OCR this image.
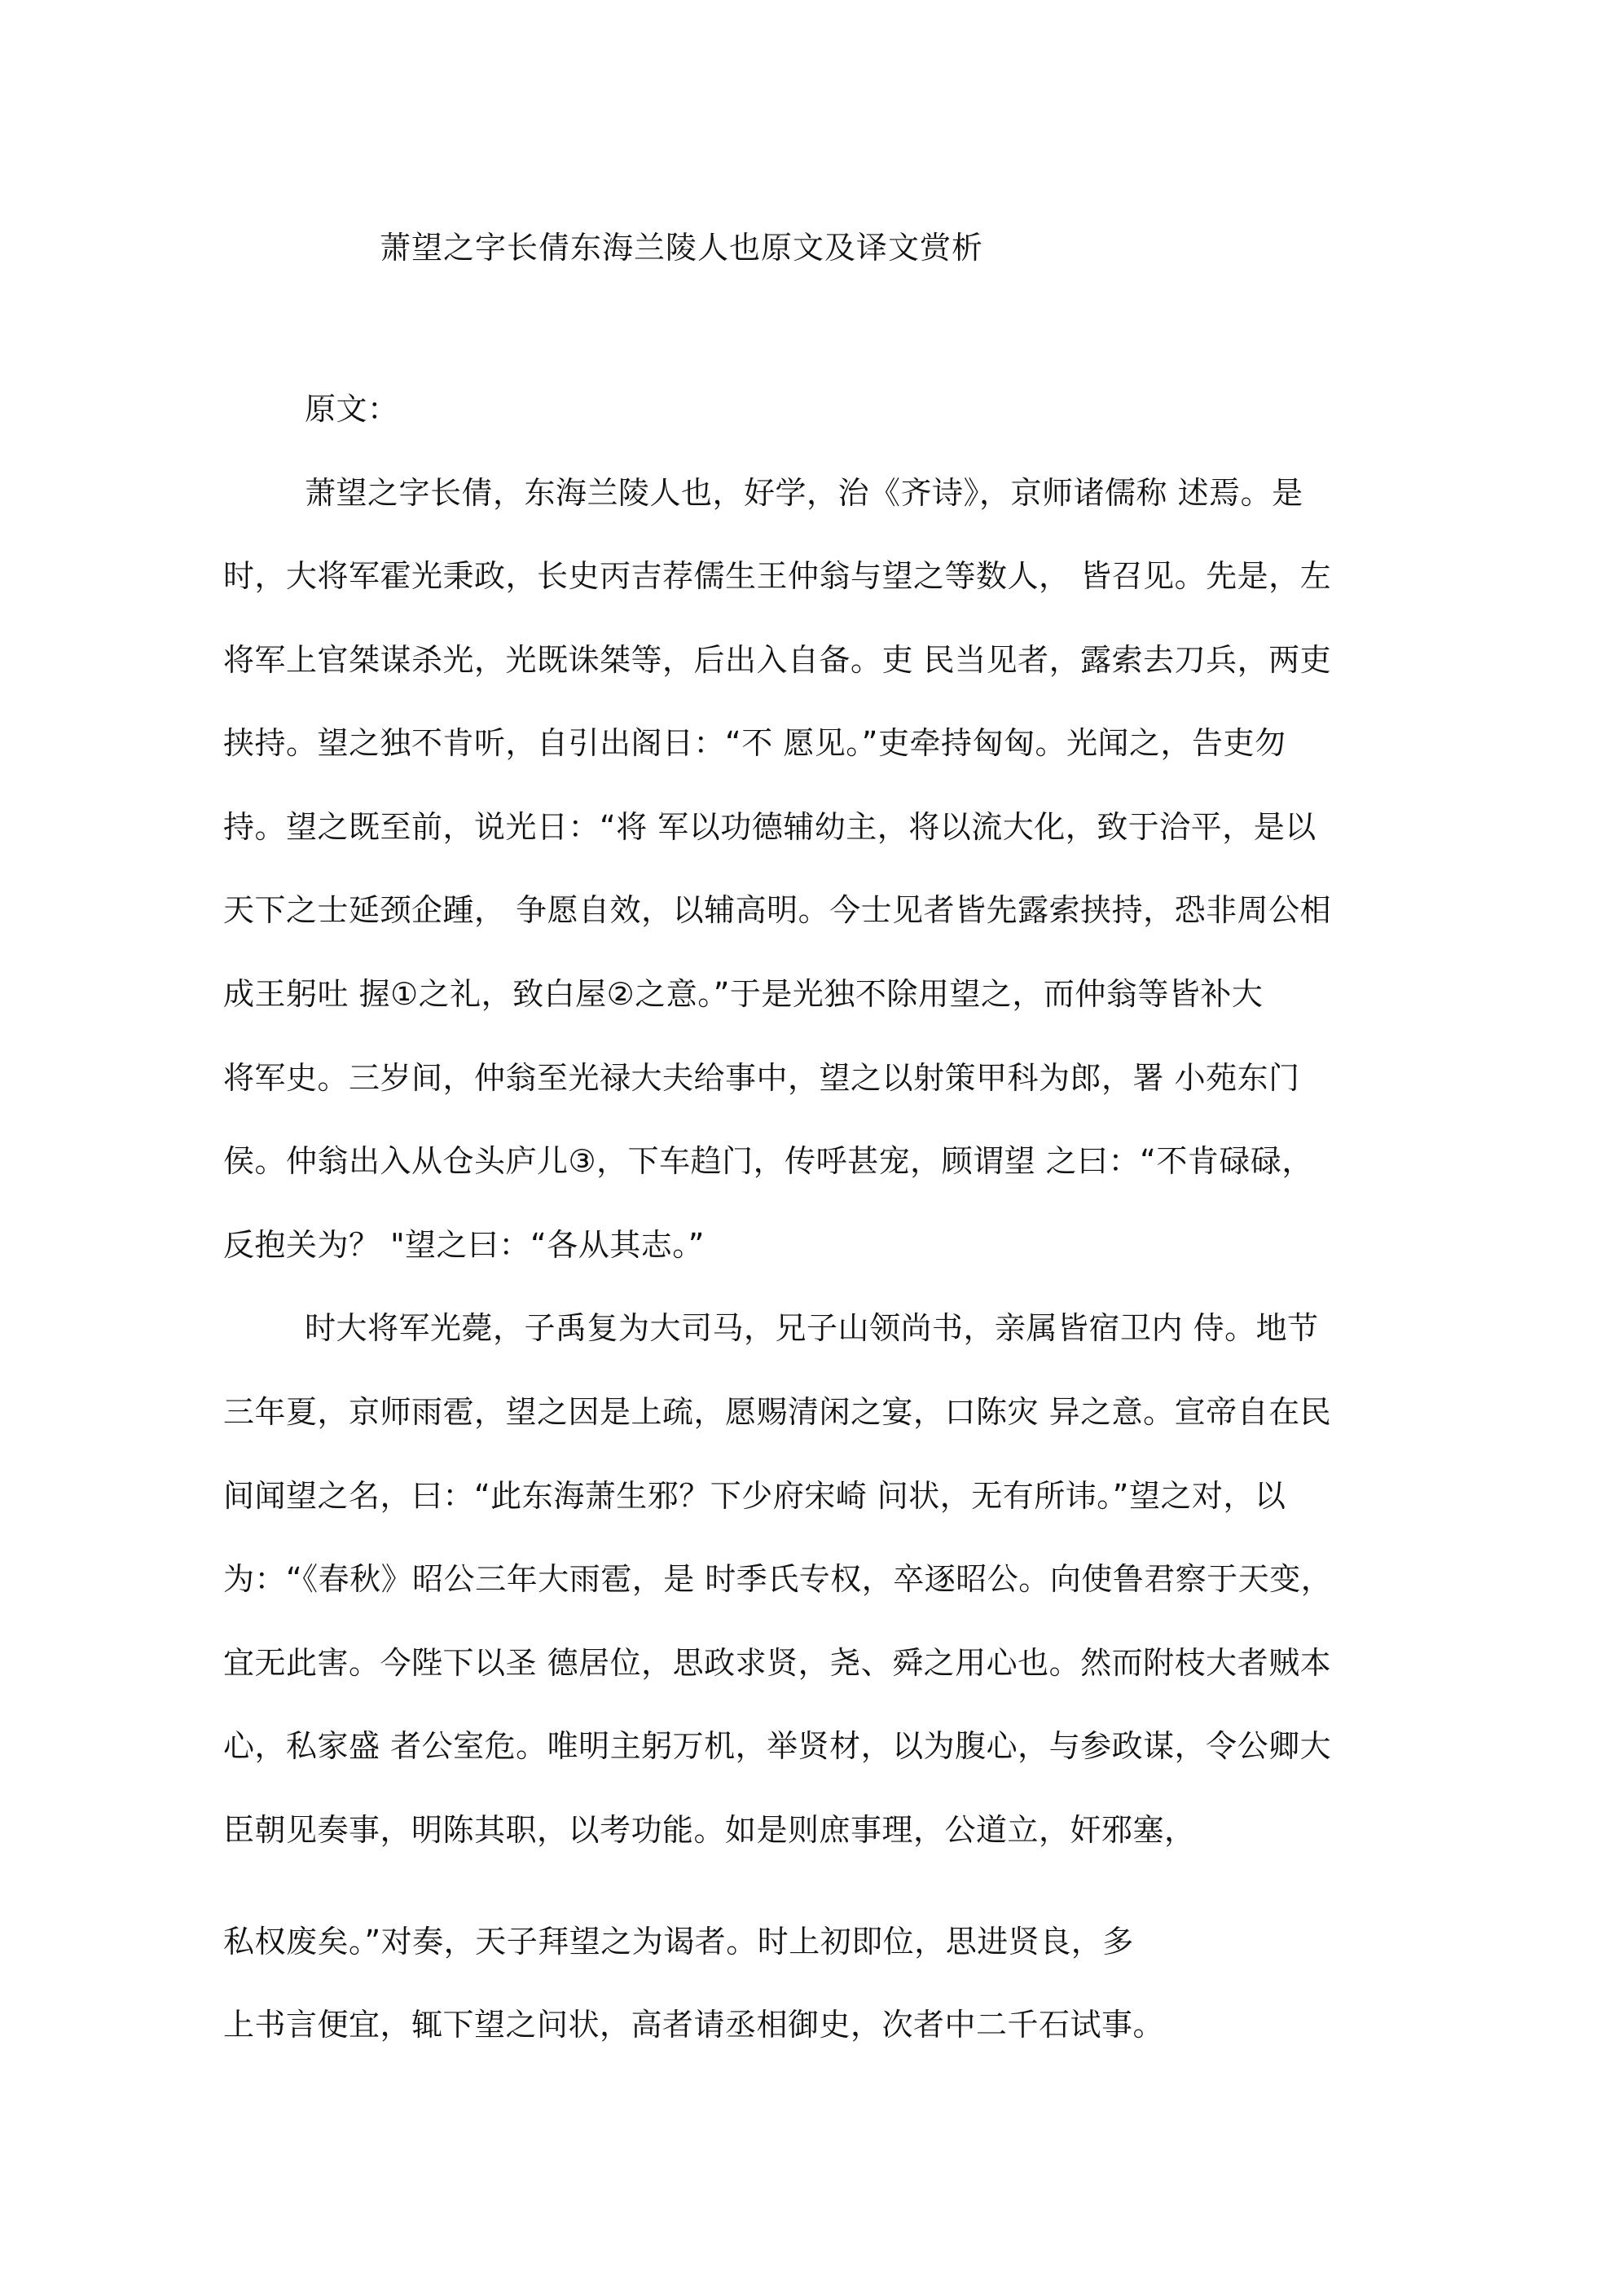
萧望之字长倩东海兰陵人也原文及译文赏析
原文：
萧望之字长倩，东海兰陵人也，好学，治《齐诗》，京师诸儒称 述焉。是
时，大将军霍光秉政，长史丙吉荐儒生王仲翁与望之等数人， 皆召见。先是，左
将军上官桀谋杀光，光既诛桀等，后出入自备。吏 民当见者，露索去刀兵，两吏
挟持。望之独不肯听，自引出阁日：“不 愿见。”吏牵持匈匈。光闻之，告吏勿
持。望之既至前，说光日：“将 军以功德辅幼主，将以流大化，致于洽平，是以
天下之士延颈企踵， 争愿自效，以辅高明。今士见者皆先露索挟持，恐非周公相
成王躬吐 握①之礼，致白屋②之意。”于是光独不除用望之，而仲翁等皆补大
将军史。三岁间，仲翁至光禄大夫给事中，望之以射策甲科为郎，署 小苑东门
侯。仲翁出入从仓头庐儿③，下车趋门，传呼甚宠，顾谓望 之曰：“不肯碌碌，
反抱关为？ "望之曰：“各从其志。”
时大将军光薨，子禹复为大司马，兄子山领尚书，亲属皆宿卫内 侍。地节
三年夏，京师雨雹，望之因是上疏，愿赐清闲之宴，口陈灾 异之意。宣帝自在民
间闻望之名，曰：“此东海萧生邪？下少府宋崎 问状，无有所讳。”望之对，以
为：“《春秋》昭公三年大雨雹，是 时季氏专权，卒逐昭公。向使鲁君察于天变，
宜无此害。今陛下以圣 德居位，思政求贤，尧、舜之用心也。然而附枝大者贼本
心，私家盛 者公室危。唯明主躬万机，举贤材，以为腹心，与参政谋，令公卿大
臣朝见奏事，明陈其职，以考功能。如是则庶事理，公道立，奸邪塞，
私权废矣。”对奏，天子拜望之为谒者。时上初即位，思进贤良，多
上书言便宜，辄下望之问状，高者请丞相御史，次者中二千石试事。
